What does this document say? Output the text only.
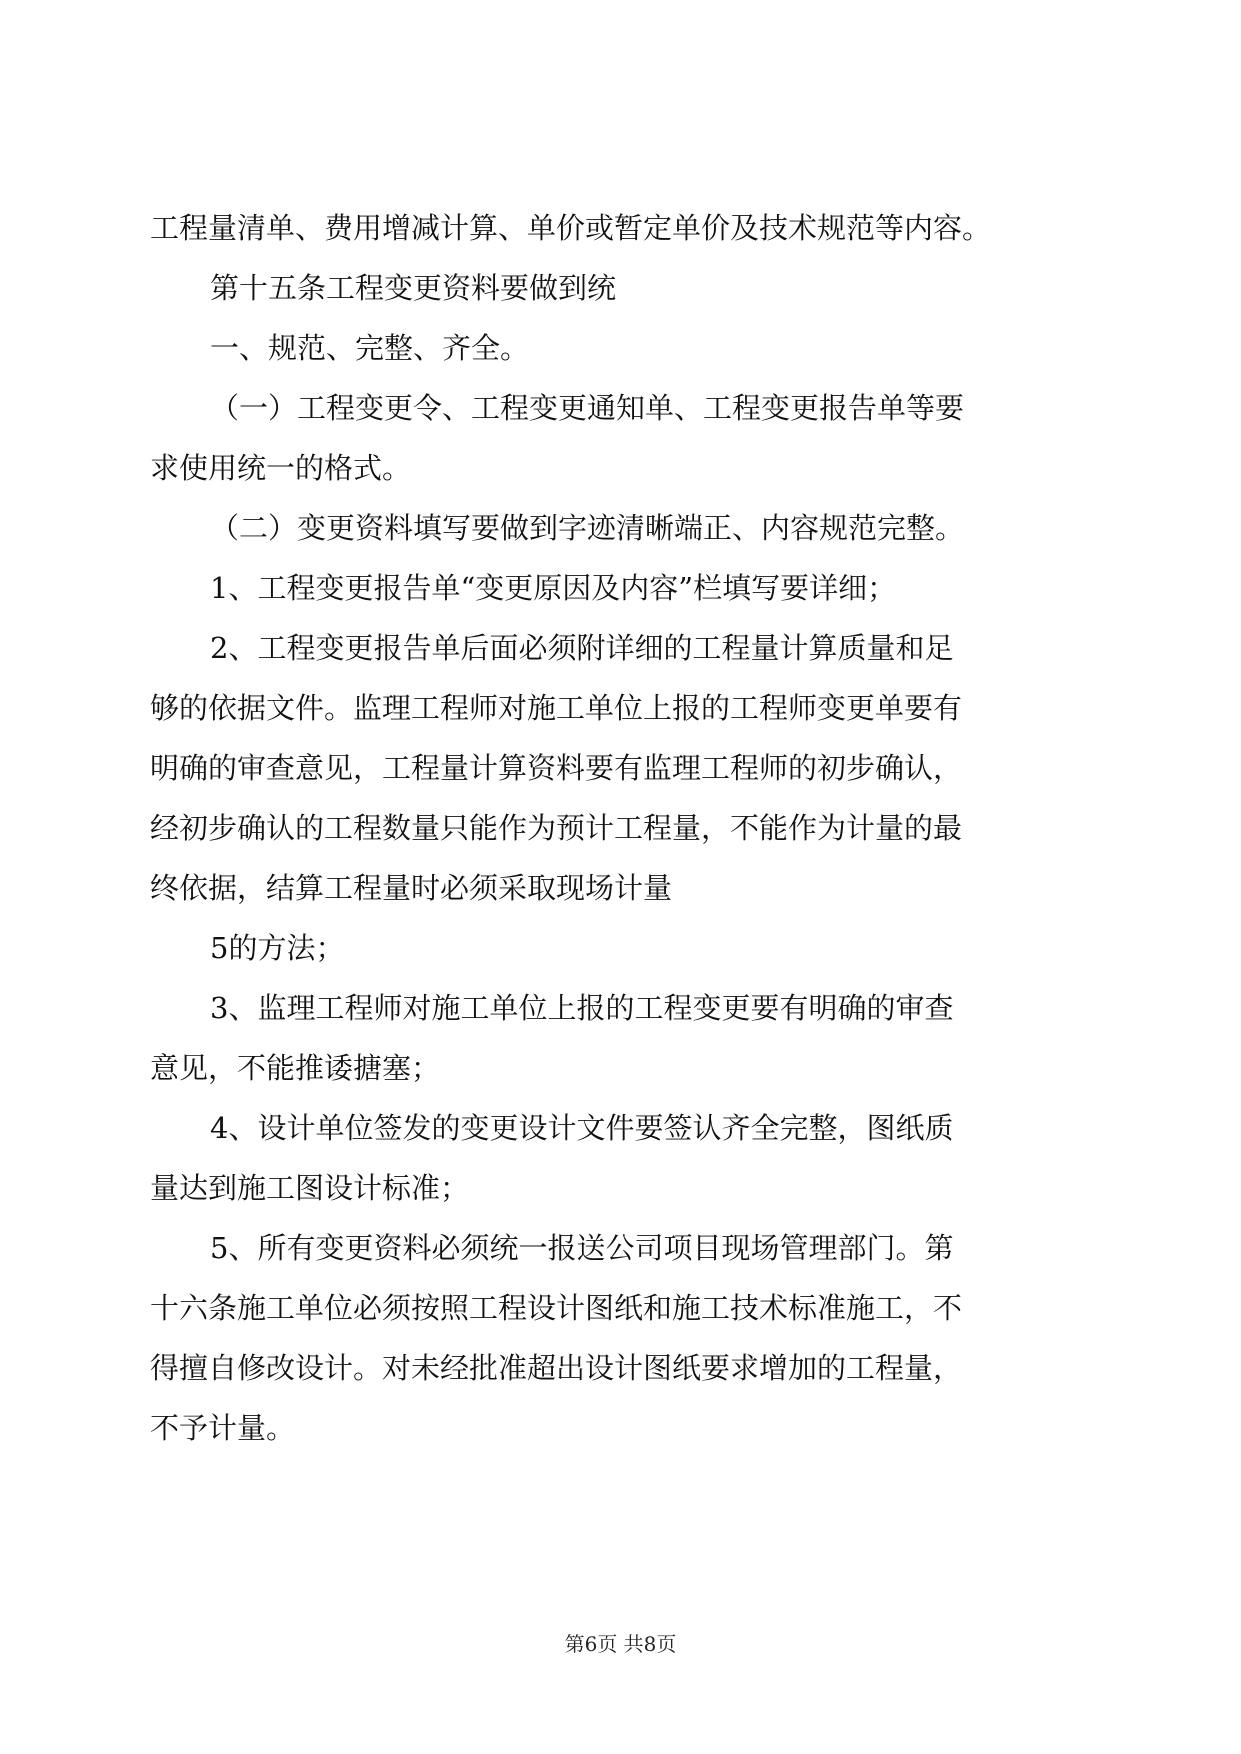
工程量清单、费用增减计算、单价或暂定单价及技术规范等内容。
第十五条工程变更资料要做到统
一、规范、完整、齐全。
（一）工程变更令、工程变更通知单、工程变更报告单等要
求使用统一的格式。
（二）变更资料填写要做到字迹清晰端正、内容规范完整。
1、工程变更报告单“变更原因及内容”栏填写要详细；
2、工程变更报告单后面必须附详细的工程量计算质量和足
够的依据文件。监理工程师对施工单位上报的工程师变更单要有
明确的审查意见，工程量计算资料要有监理工程师的初步确认，
经初步确认的工程数量只能作为预计工程量，不能作为计量的最
终依据，结算工程量时必须采取现场计量
5的方法；
3、监理工程师对施工单位上报的工程变更要有明确的审查
意见，不能推诿搪塞；
4、设计单位签发的变更设计文件要签认齐全完整，图纸质
量达到施工图设计标准；
5、所有变更资料必须统一报送公司项目现场管理部门。第
十六条施工单位必须按照工程设计图纸和施工技术标准施工，不
得擅自修改设计。对未经批准超出设计图纸要求增加的工程量，
不予计量。
第6页 共8页
